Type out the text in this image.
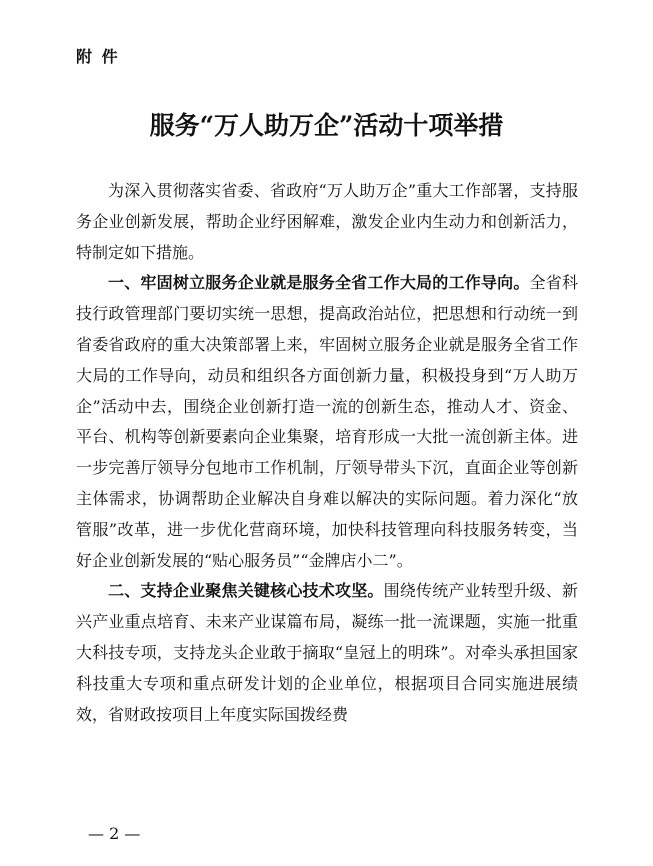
附 件
服务“万人助万企”活动十项举措

为深入贯彻落实省委、省政府“万人助万企”重大工作部署，支持服务企业创新发展，帮助企业纾困解难，激发企业内生动力和创新活力，特制定如下措施。

一、牢固树立服务企业就是服务全省工作大局的工作导向。全省科技行政管理部门要切实统一思想，提高政治站位，把思想和行动统一到省委省政府的重大决策部署上来，牢固树立服务企业就是服务全省工作大局的工作导向，动员和组织各方面创新力量，积极投身到“万人助万企”活动中去，围绕企业创新打造一流的创新生态，推动人才、资金、平台、机构等创新要素向企业集聚，培育形成一大批一流创新主体。进一步完善厅领导分包地市工作机制，厅领导带头下沉，直面企业等创新主体需求，协调帮助企业解决自身难以解决的实际问题。着力深化“放管服”改革，进一步优化营商环境，加快科技管理向科技服务转变，当好企业创新发展的“贴心服务员”“金牌店小二”。

二、支持企业聚焦关键核心技术攻坚。围绕传统产业转型升级、新兴产业重点培育、未来产业谋篇布局，凝练一批一流课题，实施一批重大科技专项，支持龙头企业敢于摘取“皇冠上的明珠”。对牵头承担国家科技重大专项和重点研发计划的企业单位，根据项目合同实施进展绩效，省财政按项目上年度实际国拨经费

— 2 —
